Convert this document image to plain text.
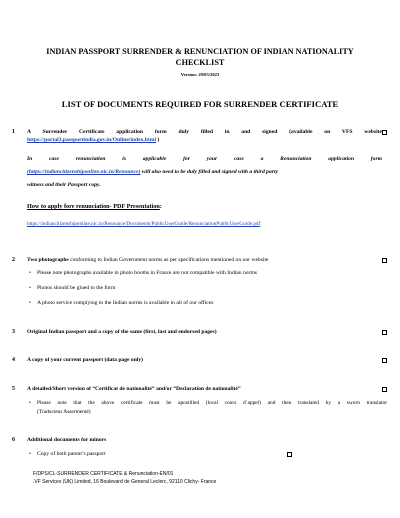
INDIAN PASSPORT SURRENDER & RENUNCIATION OF INDIAN NATIONALITY
CHECKLIST
Version: 29/05/2023
LIST OF DOCUMENTS REQUIRED FOR SURRENDER CERTIFICATE
1 A Surrender Certificate application form duly filled in and signed (available on VFS website
https://portal3.passportindia.gov.in/Online/index.html )
In case renunciation is applicable for your case a Renunciation application form
(https://indiancitizenshiponline.nic.in/Renounce) will also need to be duly filled and signed with a third party
witness and their Passport copy.
How to apply fore renunciation- PDF Presentation:
https://indiancitizenshiponline.nic.in/Renounce/Documents/PublicUserGuide/RenunciationPublicUserGuide.pdf
2 Two photographs conforming to Indian Government norms as per specifications mentioned on our website
• Please note photographs available in photo booths in France are not compatible with Indian norms
• Photos should be glued to the form
• A photo service complying to the Indian norms is available in all of our offices
3 Original Indian passport and a copy of the same (first, last and endorsed pages)
4 A copy of your current passport (data page only)
5 A detailed/Short version of “Certificat de nationalité” and/or “Declaration de nationalité”
• Please note that the above certificate must be apostilled (local cours d’appel) and then translated by a sworn translator
(Traducteur Assermenté)
6 Additional documents for minors
• Copy of both parent’s passport
F/DPS/CL-SURRENDER CERTIFICATE & Renunciation-EN/01
.VF Services (UK) Limited, 16 Boulevard de General Leclerc, 92110 Clichy- France
